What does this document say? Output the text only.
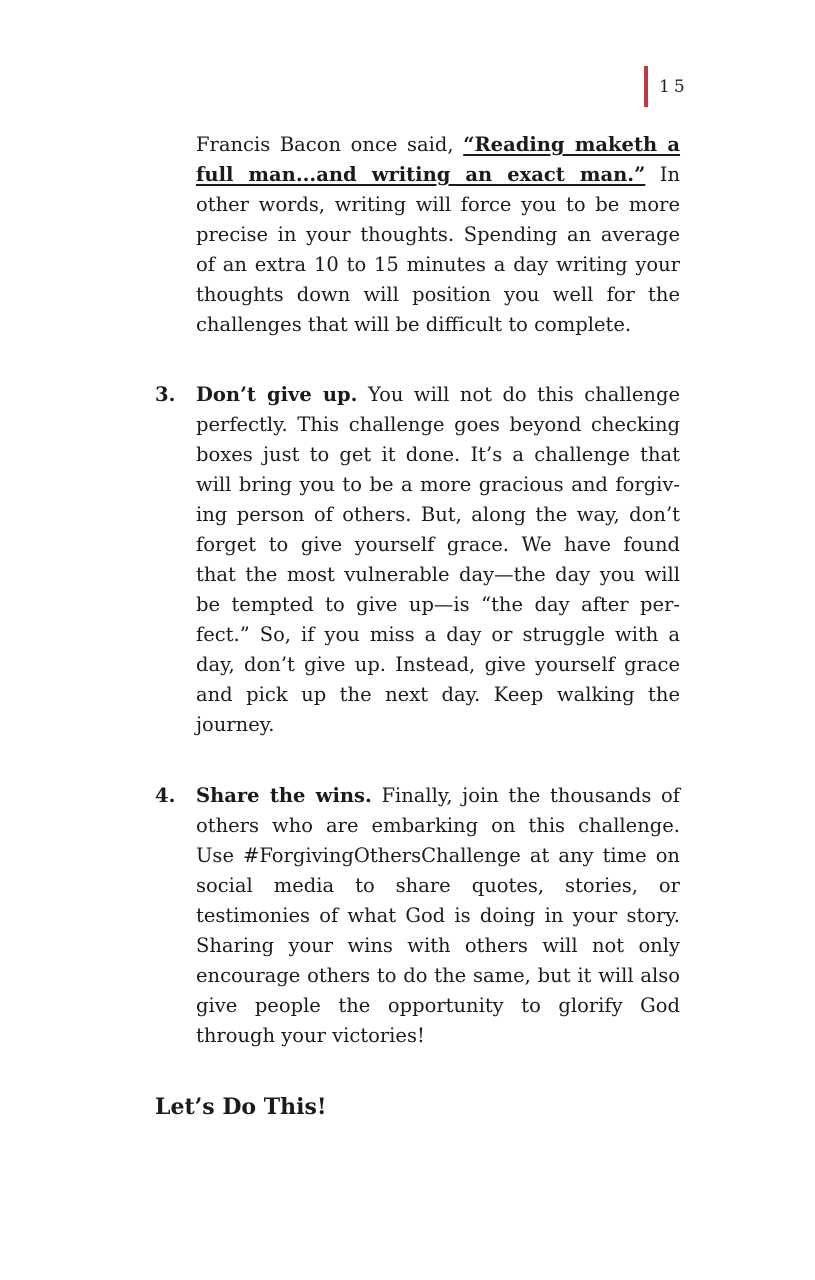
15

Francis Bacon once said, “Reading maketh a full man...and writing an exact man.” In other words, writing will force you to be more precise in your thoughts. Spending an average of an extra 10 to 15 minutes a day writing your thoughts down will position you well for the challenges that will be difficult to complete.

3. Don’t give up. You will not do this challenge perfectly. This challenge goes beyond checking boxes just to get it done. It’s a challenge that will bring you to be a more gracious and forgiving person of others. But, along the way, don’t forget to give yourself grace. We have found that the most vulnerable day—the day you will be tempted to give up—is “the day after perfect.” So, if you miss a day or struggle with a day, don’t give up. Instead, give yourself grace and pick up the next day. Keep walking the journey.
4. Share the wins. Finally, join the thousands of others who are embarking on this challenge. Use #ForgivingOthersChallenge at any time on social media to share quotes, stories, or testimonies of what God is doing in your story. Sharing your wins with others will not only encourage others to do the same, but it will also give people the opportunity to glorify God through your victories!

Let’s Do This!
